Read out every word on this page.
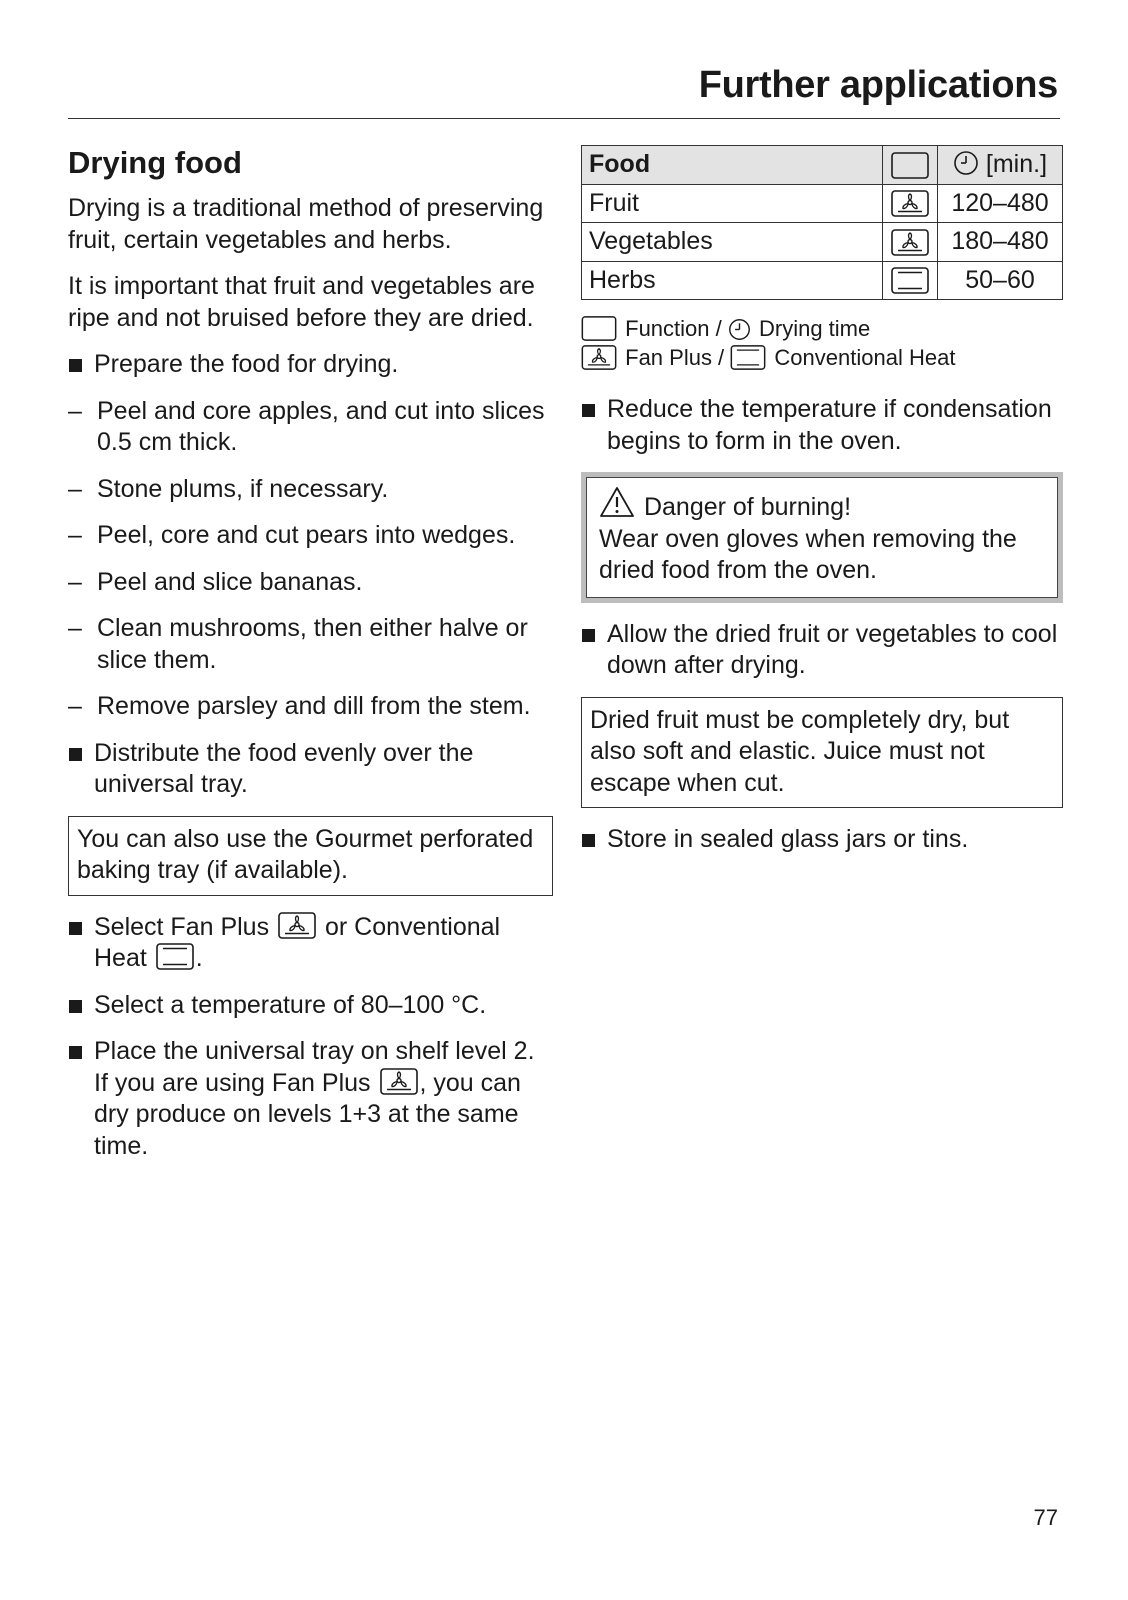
Further applications
Drying food

Drying is a traditional method of preserving fruit, certain vegetables and herbs.

It is important that fruit and vegetables are ripe and not bruised before they are dried.

Prepare the food for drying.
– Peel and core apples, and cut into slices 0.5 cm thick.
– Stone plums, if necessary.
– Peel, core and cut pears into wedges.
– Peel and slice bananas.
– Clean mushrooms, then either halve or slice them.
– Remove parsley and dill from the stem.
Distribute the food evenly over the universal tray.
You can also use the Gourmet perforated baking tray (if available).
Select Fan Plus or Conventional Heat .
Select a temperature of 80–100 °C.
Place the universal tray on shelf level 2.
If you are using Fan Plus , you can dry produce on levels 1+3 at the same time.
Food		[min.]
Fruit		120–480
Vegetables		180–480
Herbs		50–60
Function / Drying time
Fan Plus / Conventional Heat
Reduce the temperature if condensation begins to form in the oven.
Danger of burning!
Wear oven gloves when removing the dried food from the oven.
Allow the dried fruit or vegetables to cool down after drying.
Dried fruit must be completely dry, but also soft and elastic. Juice must not escape when cut.
Store in sealed glass jars or tins.
77
